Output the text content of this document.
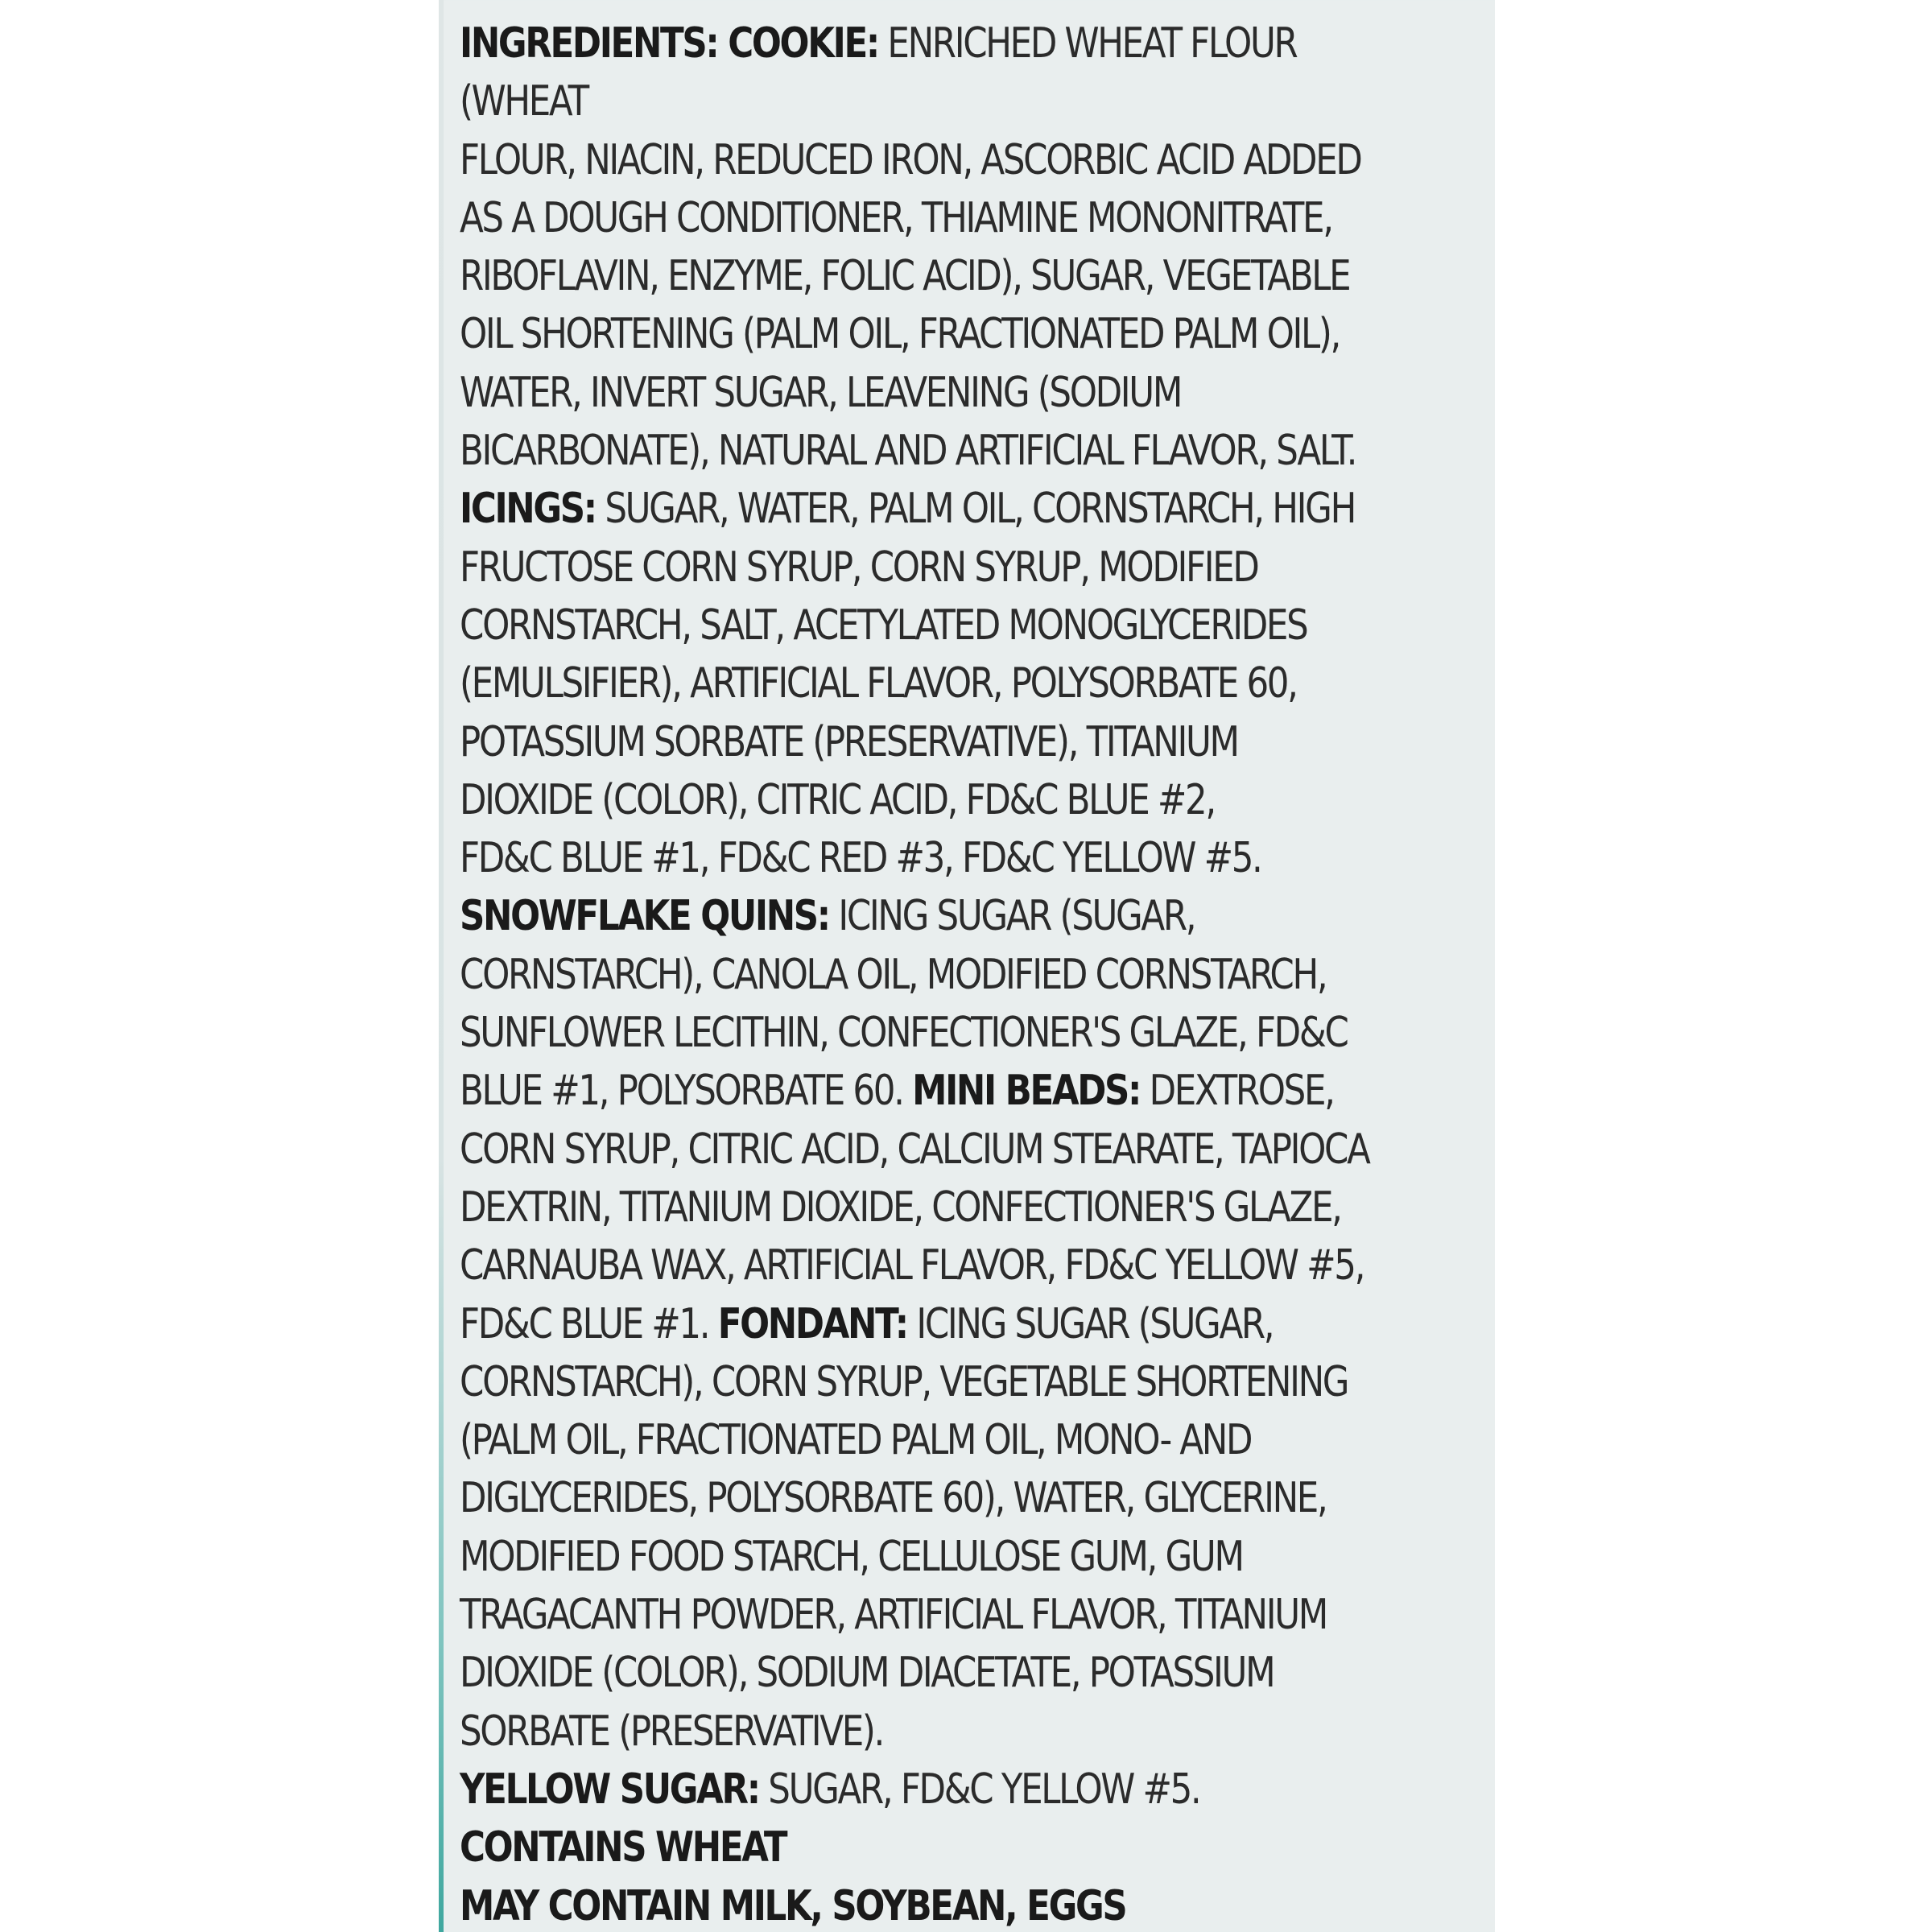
INGREDIENTS: COOKIE: ENRICHED WHEAT FLOUR (WHEAT
FLOUR, NIACIN, REDUCED IRON, ASCORBIC ACID ADDED
AS A DOUGH CONDITIONER, THIAMINE MONONITRATE,
RIBOFLAVIN, ENZYME, FOLIC ACID), SUGAR, VEGETABLE
OIL SHORTENING (PALM OIL, FRACTIONATED PALM OIL),
WATER, INVERT SUGAR, LEAVENING (SODIUM
BICARBONATE), NATURAL AND ARTIFICIAL FLAVOR, SALT.
ICINGS: SUGAR, WATER, PALM OIL, CORNSTARCH, HIGH
FRUCTOSE CORN SYRUP, CORN SYRUP, MODIFIED
CORNSTARCH, SALT, ACETYLATED MONOGLYCERIDES
(EMULSIFIER), ARTIFICIAL FLAVOR, POLYSORBATE 60,
POTASSIUM SORBATE (PRESERVATIVE), TITANIUM
DIOXIDE (COLOR), CITRIC ACID, FD&C BLUE #2,
FD&C BLUE #1, FD&C RED #3, FD&C YELLOW #5.
SNOWFLAKE QUINS: ICING SUGAR (SUGAR,
CORNSTARCH), CANOLA OIL, MODIFIED CORNSTARCH,
SUNFLOWER LECITHIN, CONFECTIONER'S GLAZE, FD&C
BLUE #1, POLYSORBATE 60. MINI BEADS: DEXTROSE,
CORN SYRUP, CITRIC ACID, CALCIUM STEARATE, TAPIOCA
DEXTRIN, TITANIUM DIOXIDE, CONFECTIONER'S GLAZE,
CARNAUBA WAX, ARTIFICIAL FLAVOR, FD&C YELLOW #5,
FD&C BLUE #1. FONDANT: ICING SUGAR (SUGAR,
CORNSTARCH), CORN SYRUP, VEGETABLE SHORTENING
(PALM OIL, FRACTIONATED PALM OIL, MONO- AND
DIGLYCERIDES, POLYSORBATE 60), WATER, GLYCERINE,
MODIFIED FOOD STARCH, CELLULOSE GUM, GUM
TRAGACANTH POWDER, ARTIFICIAL FLAVOR, TITANIUM
DIOXIDE (COLOR), SODIUM DIACETATE, POTASSIUM
SORBATE (PRESERVATIVE).
YELLOW SUGAR: SUGAR, FD&C YELLOW #5.
CONTAINS WHEAT
MAY CONTAIN MILK, SOYBEAN, EGGS
